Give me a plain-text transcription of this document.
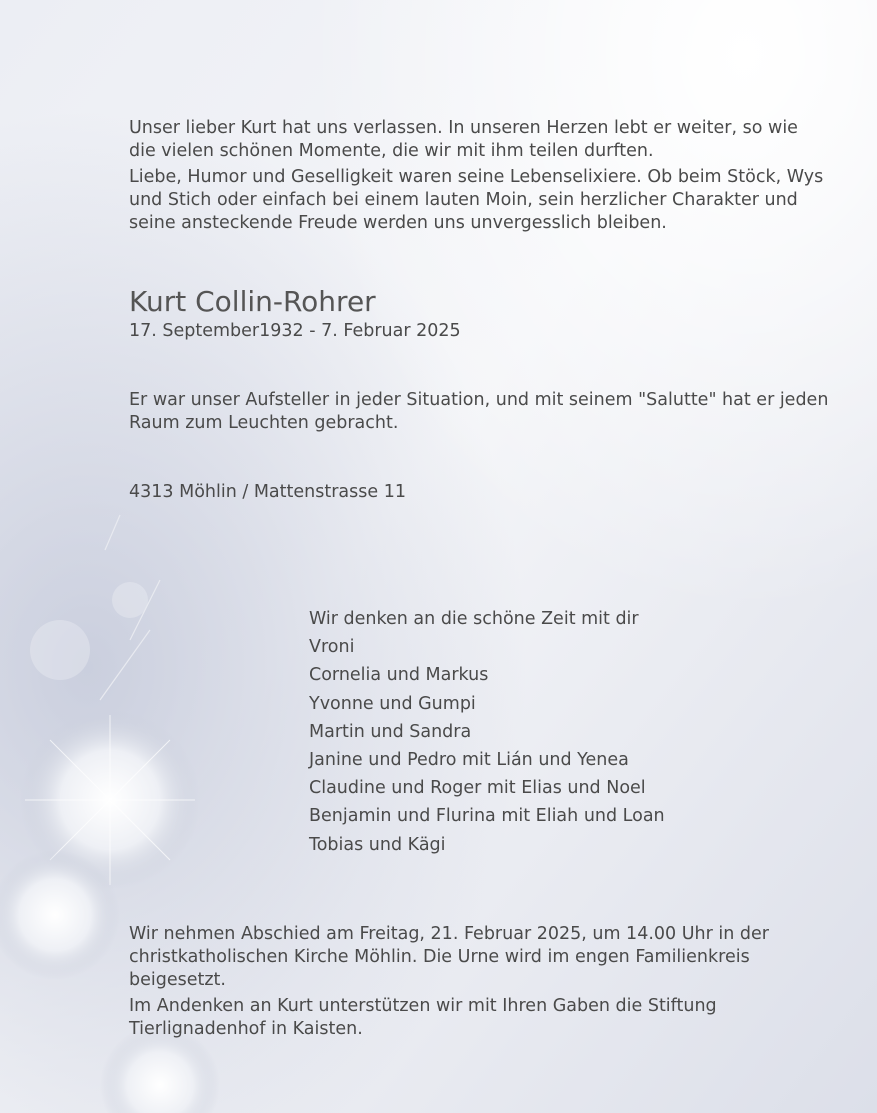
Unser lieber Kurt hat uns verlassen. In unseren Herzen lebt er weiter, so wie die vielen schönen Momente, die wir mit ihm teilen durften.

Liebe, Humor und Geselligkeit waren seine Lebenselixiere. Ob beim Stöck, Wys und Stich oder einfach bei einem lauten Moin, sein herzlicher Charakter und seine ansteckende Freude werden uns unvergesslich bleiben.

Kurt Collin-Rohrer
17. September1932 - 7. Februar 2025

Er war unser Aufsteller in jeder Situation, und mit seinem "Salutte" hat er jeden Raum zum Leuchten gebracht.

4313 Möhlin / Mattenstrasse 11
Wir denken an die schöne Zeit mit dir
Vroni
Cornelia und Markus
Yvonne und Gumpi
Martin und Sandra
Janine und Pedro mit Lián und Yenea
Claudine und Roger mit Elias und Noel
Benjamin und Flurina mit Eliah und Loan
Tobias und Kägi

Wir nehmen Abschied am Freitag, 21. Februar 2025, um 14.00 Uhr in der christkatholischen Kirche Möhlin. Die Urne wird im engen Familienkreis beigesetzt.

Im Andenken an Kurt unterstützen wir mit Ihren Gaben die Stiftung Tierlignadenhof in Kaisten.
